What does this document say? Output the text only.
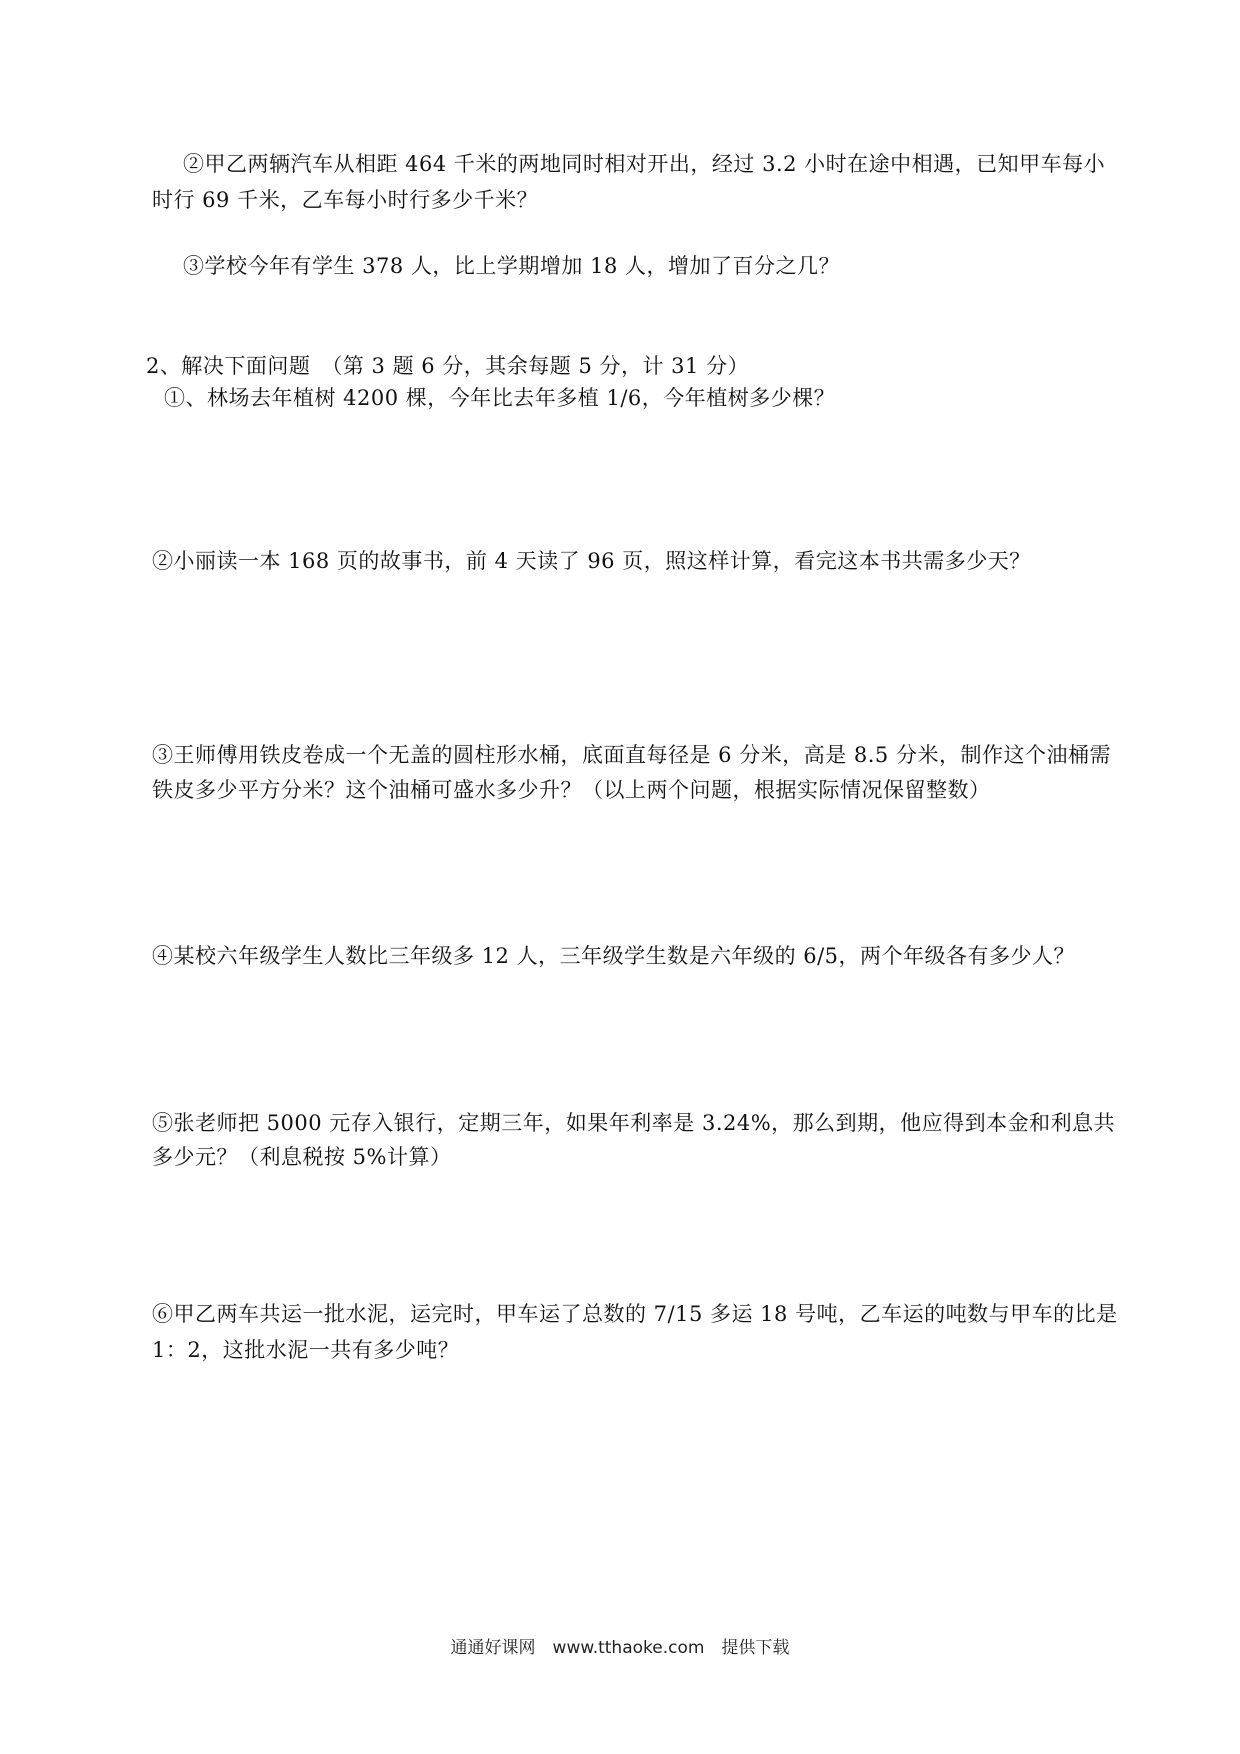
②甲乙两辆汽车从相距 464 千米的两地同时相对开出，经过 3.2 小时在途中相遇，已知甲车每小
时行 69 千米，乙车每小时行多少千米？
③学校今年有学生 378 人，比上学期增加 18 人，增加了百分之几？
2、解决下面问题　（第 3 题 6 分，其余每题 5 分，计 31 分）
①、林场去年植树 4200 棵，今年比去年多植 1/6，今年植树多少棵？
②小丽读一本 168 页的故事书，前 4 天读了 96 页，照这样计算，看完这本书共需多少天？
③王师傅用铁皮卷成一个无盖的圆柱形水桶，底面直每径是 6 分米，高是 8.5 分米，制作这个油桶需
铁皮多少平方分米？这个油桶可盛水多少升？（以上两个问题，根据实际情况保留整数）
④某校六年级学生人数比三年级多 12 人，三年级学生数是六年级的 6/5，两个年级各有多少人？
⑤张老师把 5000 元存入银行，定期三年，如果年利率是 3.24%，那么到期，他应得到本金和利息共
多少元？（利息税按 5%计算）
⑥甲乙两车共运一批水泥，运完时，甲车运了总数的 7/15 多运 18 号吨，乙车运的吨数与甲车的比是
1：2，这批水泥一共有多少吨？
通通好课网　www.tthaoke.com　提供下载
